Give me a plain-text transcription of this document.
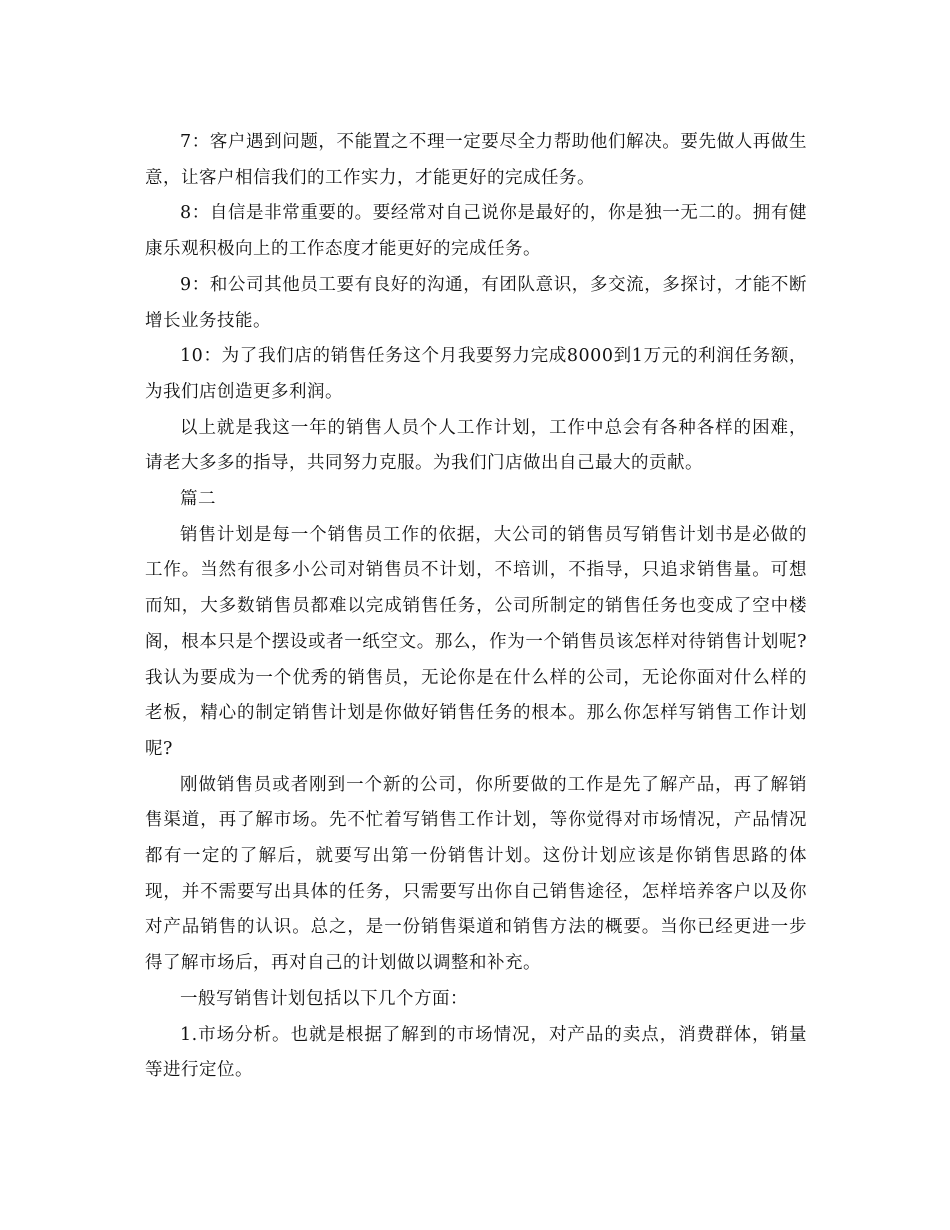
7：客户遇到问题，不能置之不理一定要尽全力帮助他们解决。要先做人再做生意，让客户相信我们的工作实力，才能更好的完成任务。

8：自信是非常重要的。要经常对自己说你是最好的，你是独一无二的。拥有健康乐观积极向上的工作态度才能更好的完成任务。

9：和公司其他员工要有良好的沟通，有团队意识，多交流，多探讨，才能不断增长业务技能。

10：为了我们店的销售任务这个月我要努力完成8000到1万元的利润任务额，为我们店创造更多利润。

以上就是我这一年的销售人员个人工作计划，工作中总会有各种各样的困难，请老大多多的指导，共同努力克服。为我们门店做出自己最大的贡献。

篇二

销售计划是每一个销售员工作的依据，大公司的销售员写销售计划书是必做的工作。当然有很多小公司对销售员不计划，不培训，不指导，只追求销售量。可想而知，大多数销售员都难以完成销售任务，公司所制定的销售任务也变成了空中楼阁，根本只是个摆设或者一纸空文。那么，作为一个销售员该怎样对待销售计划呢?我认为要成为一个优秀的销售员，无论你是在什么样的公司，无论你面对什么样的老板，精心的制定销售计划是你做好销售任务的根本。那么你怎样写销售工作计划呢?

刚做销售员或者刚到一个新的公司，你所要做的工作是先了解产品，再了解销售渠道，再了解市场。先不忙着写销售工作计划，等你觉得对市场情况，产品情况都有一定的了解后，就要写出第一份销售计划。这份计划应该是你销售思路的体现，并不需要写出具体的任务，只需要写出你自己销售途径，怎样培养客户以及你对产品销售的认识。总之，是一份销售渠道和销售方法的概要。当你已经更进一步得了解市场后，再对自己的计划做以调整和补充。

一般写销售计划包括以下几个方面：

1.市场分析。也就是根据了解到的市场情况，对产品的卖点，消费群体，销量等进行定位。
